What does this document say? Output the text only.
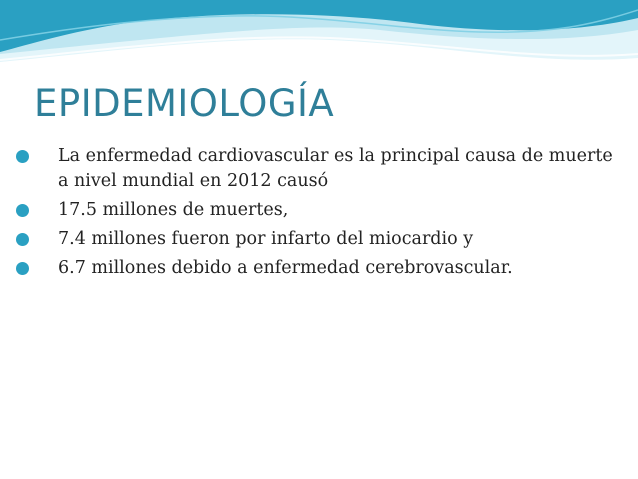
EPIDEMIOLOGÍA
La enfermedad cardiovascular es la principal causa de muerte a nivel mundial en 2012 causó
17.5 millones de muertes,
7.4 millones fueron por infarto del miocardio y
6.7 millones debido a enfermedad cerebrovascular.
